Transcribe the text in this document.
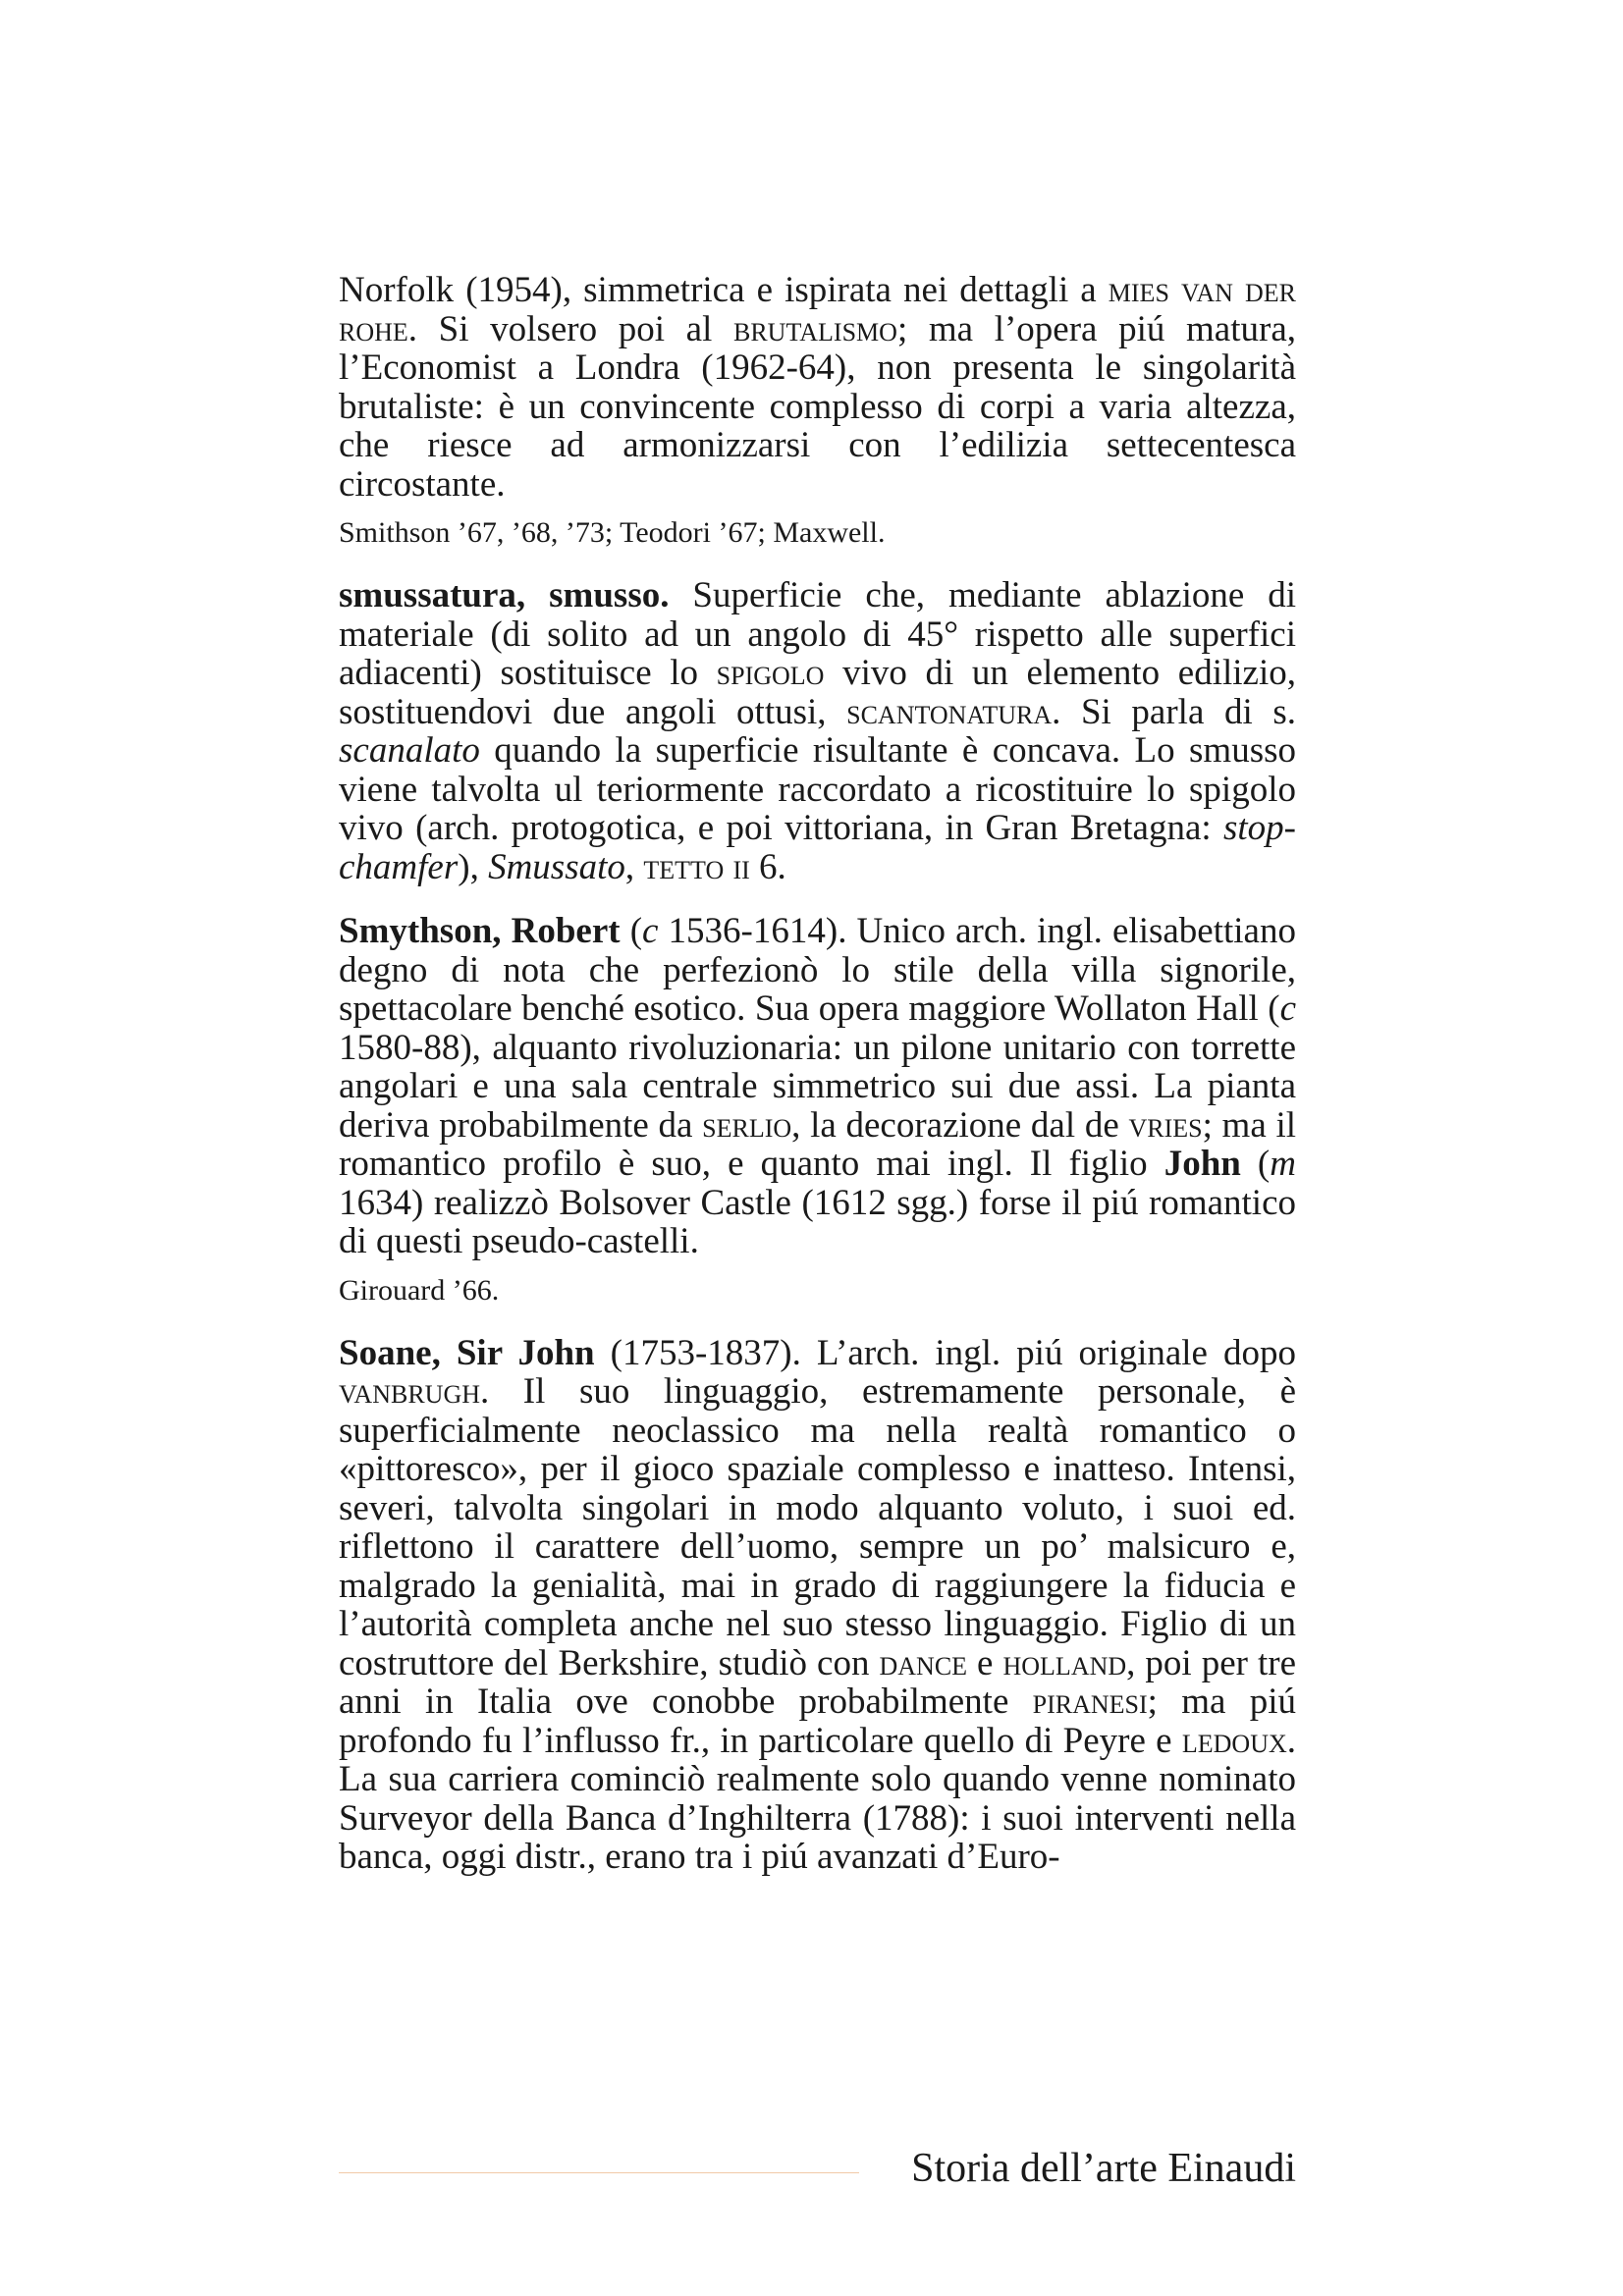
Norfolk (1954), simmetrica e ispirata nei dettagli a mies van der rohe. Si volsero poi al brutalismo; ma l’opera piú matura, l’Economist a Londra (1962-64), non presenta le singolarità brutaliste: è un convincente complesso di corpi a varia altezza, che riesce ad armonizzarsi con l’edilizia settecentesca circostante.

Smithson ’67, ’68, ’73; Teodori ’67; Maxwell.

smussatura, smusso. Superficie che, mediante ablazione di materiale (di solito ad un angolo di 45° rispetto alle superfici adiacenti) sostituisce lo spigolo vivo di un elemento edilizio, sostituendovi due angoli ottusi, scantonatura. Si parla di s. scanalato quando la superficie risultante è concava. Lo smusso viene talvolta ul teriormente raccordato a ricostituire lo spigolo vivo (arch. protogotica, e poi vittoriana, in Gran Bretagna: stop-chamfer), Smussato, tetto ii 6.

Smythson, Robert (c 1536-1614). Unico arch. ingl. elisabettiano degno di nota che perfezionò lo stile della villa signorile, spettacolare benché esotico. Sua opera maggiore Wollaton Hall (c 1580-88), alquanto rivoluzionaria: un pilone unitario con torrette angolari e una sala centrale simmetrico sui due assi. La pianta deriva probabilmente da serlio, la decorazione dal de vries; ma il romantico profilo è suo, e quanto mai ingl. Il figlio John (m 1634) realizzò Bolsover Castle (1612 sgg.) forse il piú romantico di questi pseudo-castelli.

Girouard ’66.

Soane, Sir John (1753-1837). L’arch. ingl. piú originale dopo vanbrugh. Il suo linguaggio, estremamente personale, è superficialmente neoclassico ma nella realtà romantico o «pittoresco», per il gioco spaziale complesso e inatteso. Intensi, severi, talvolta singolari in modo alquanto voluto, i suoi ed. riflettono il carattere dell’uomo, sempre un po’ malsicuro e, malgrado la genialità, mai in grado di raggiungere la fiducia e l’autorità completa anche nel suo stesso linguaggio. Figlio di un costruttore del Berkshire, studiò con dance e holland, poi per tre anni in Italia ove conobbe probabilmente piranesi; ma piú profondo fu l’influsso fr., in particolare quello di Peyre e ledoux. La sua carriera cominciò realmente solo quando venne nominato Surveyor della Banca d’Inghilterra (1788): i suoi interventi nella banca, oggi distr., erano tra i piú avanzati d’Euro-

Storia dell’arte Einaudi
